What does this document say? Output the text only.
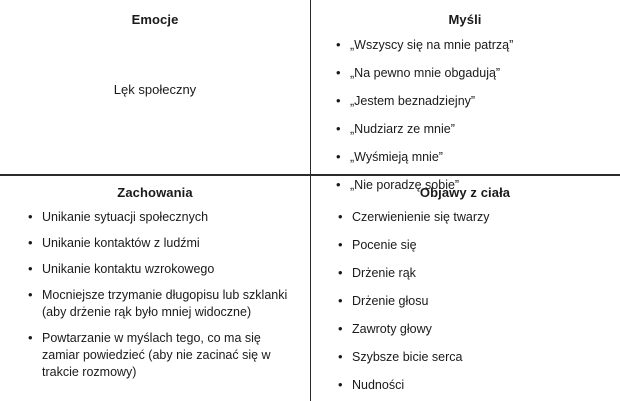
Emocje
Lęk społeczny
Myśli
• „Wszyscy się na mnie patrzą”
• „Na pewno mnie obgadują”
• „Jestem beznadziejny”
• „Nudziarz ze mnie”
• „Wyśmieją mnie”
• „Nie poradzę sobie”
Zachowania
• Unikanie sytuacji społecznych
• Unikanie kontaktów z ludźmi
• Unikanie kontaktu wzrokowego
• Mocniejsze trzymanie długopisu lub szklanki (aby drżenie rąk było mniej widoczne)
• Powtarzanie w myślach tego, co ma się zamiar powiedzieć (aby nie zacinać się w trakcie rozmowy)
Objawy z ciała
• Czerwienienie się twarzy
• Pocenie się
• Drżenie rąk
• Drżenie głosu
• Zawroty głowy
• Szybsze bicie serca
• Nudności
